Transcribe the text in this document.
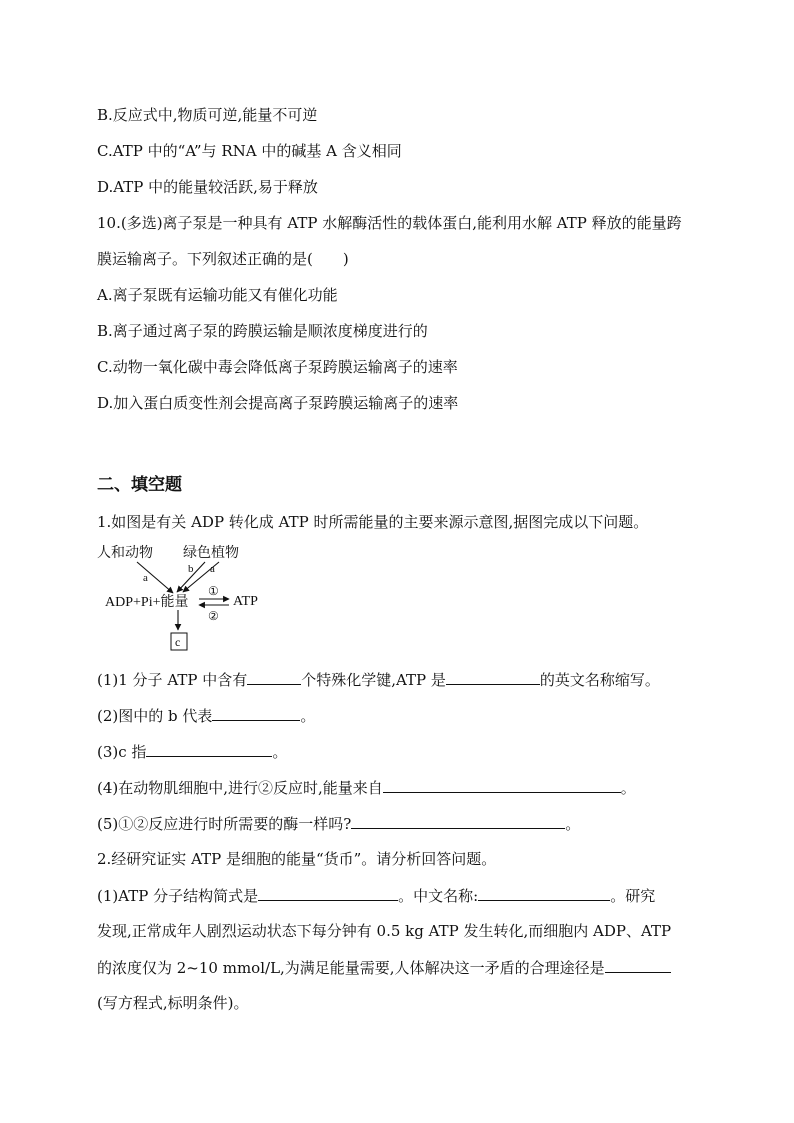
B.反应式中,物质可逆,能量不可逆
C.ATP 中的“A”与 RNA 中的碱基 A 含义相同
D.ATP 中的能量较活跃,易于释放
10.(多选)离子泵是一种具有 ATP 水解酶活性的载体蛋白,能利用水解 ATP 释放的能量跨
膜运输离子。下列叙述正确的是(　　)
A.离子泵既有运输功能又有催化功能
B.离子通过离子泵的跨膜运输是顺浓度梯度进行的
C.动物一氧化碳中毒会降低离子泵跨膜运输离子的速率
D.加入蛋白质变性剂会提高离子泵跨膜运输离子的速率
二、填空题
1.如图是有关 ADP 转化成 ATP 时所需能量的主要来源示意图,据图完成以下问题。
人和动物 绿色植物
a
b a
ADP+Pi+能量	ATP
①
②
c
(1)1 分子 ATP 中含有	个特殊化学键,ATP 是	的英文名称缩写。
(2)图中的 b 代表	。
(3)c 指	。
(4)在动物肌细胞中,进行②反应时,能量来自	。
(5)①②反应进行时所需要的酶一样吗?	。
2.经研究证实 ATP 是细胞的能量“货币”。请分析回答问题。
(1)ATP 分子结构简式是	。中文名称:	。研究
发现,正常成年人剧烈运动状态下每分钟有 0.5 kg ATP 发生转化,而细胞内 ADP、ATP
的浓度仅为 2~10 mmol/L,为满足能量需要,人体解决这一矛盾的合理途径是
(写方程式,标明条件)。
